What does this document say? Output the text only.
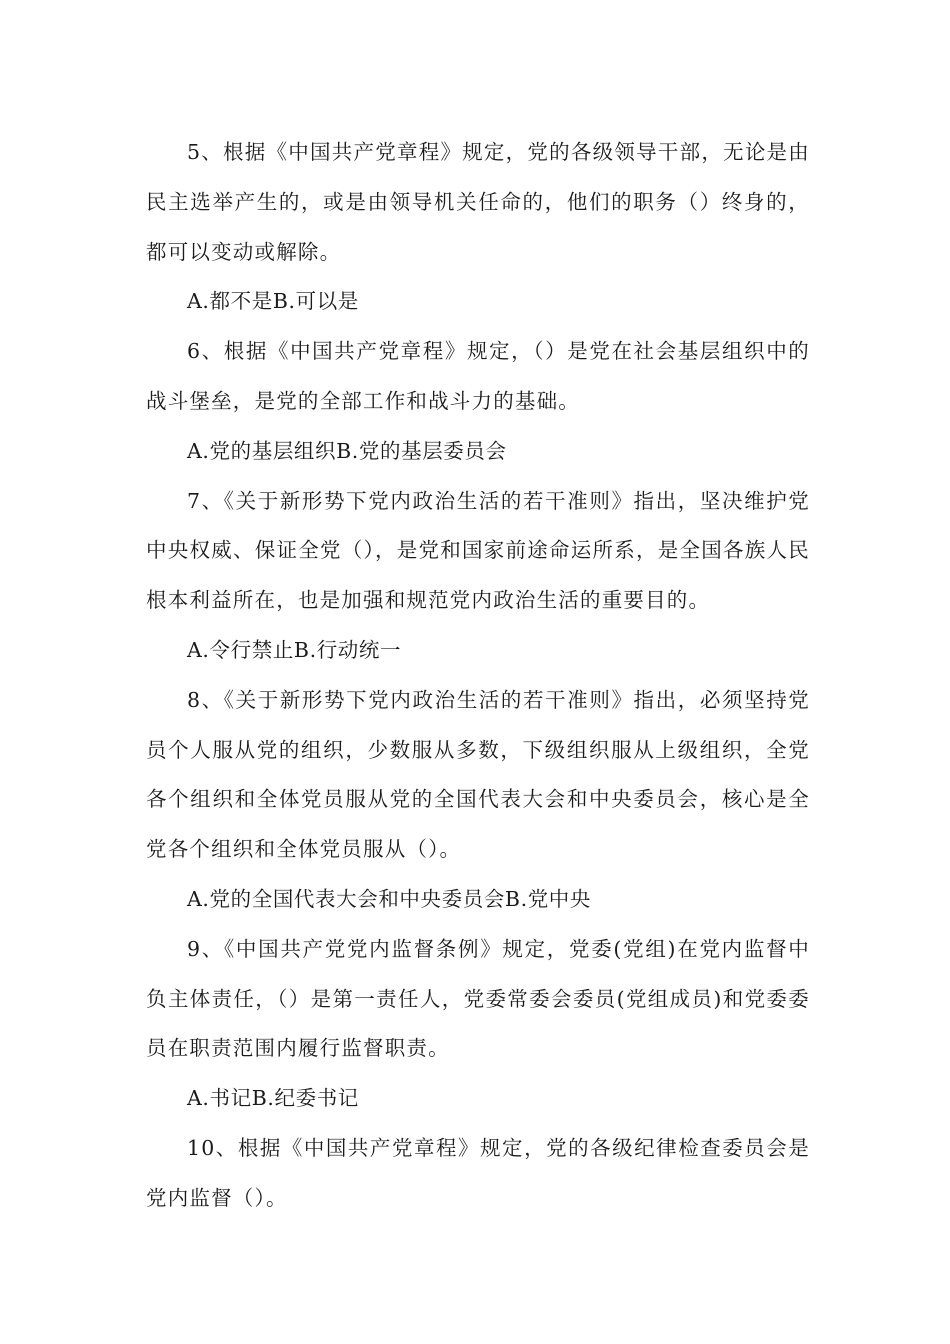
5、根据《中国共产党章程》规定，党的各级领导干部，无论是由民主选举产生的，或是由领导机关任命的，他们的职务（）终身的，都可以变动或解除。

A.都不是B.可以是

6、根据《中国共产党章程》规定，（）是党在社会基层组织中的战斗堡垒，是党的全部工作和战斗力的基础。

A.党的基层组织B.党的基层委员会

7、《关于新形势下党内政治生活的若干准则》指出，坚决维护党中央权威、保证全党（），是党和国家前途命运所系，是全国各族人民根本利益所在，也是加强和规范党内政治生活的重要目的。

A.令行禁止B.行动统一

8、《关于新形势下党内政治生活的若干准则》指出，必须坚持党员个人服从党的组织，少数服从多数，下级组织服从上级组织，全党各个组织和全体党员服从党的全国代表大会和中央委员会，核心是全党各个组织和全体党员服从（）。

A.党的全国代表大会和中央委员会B.党中央

9、《中国共产党党内监督条例》规定，党委(党组)在党内监督中负主体责任，（）是第一责任人，党委常委会委员(党组成员)和党委委员在职责范围内履行监督职责。

A.书记B.纪委书记

10、根据《中国共产党章程》规定，党的各级纪律检查委员会是党内监督（）。
